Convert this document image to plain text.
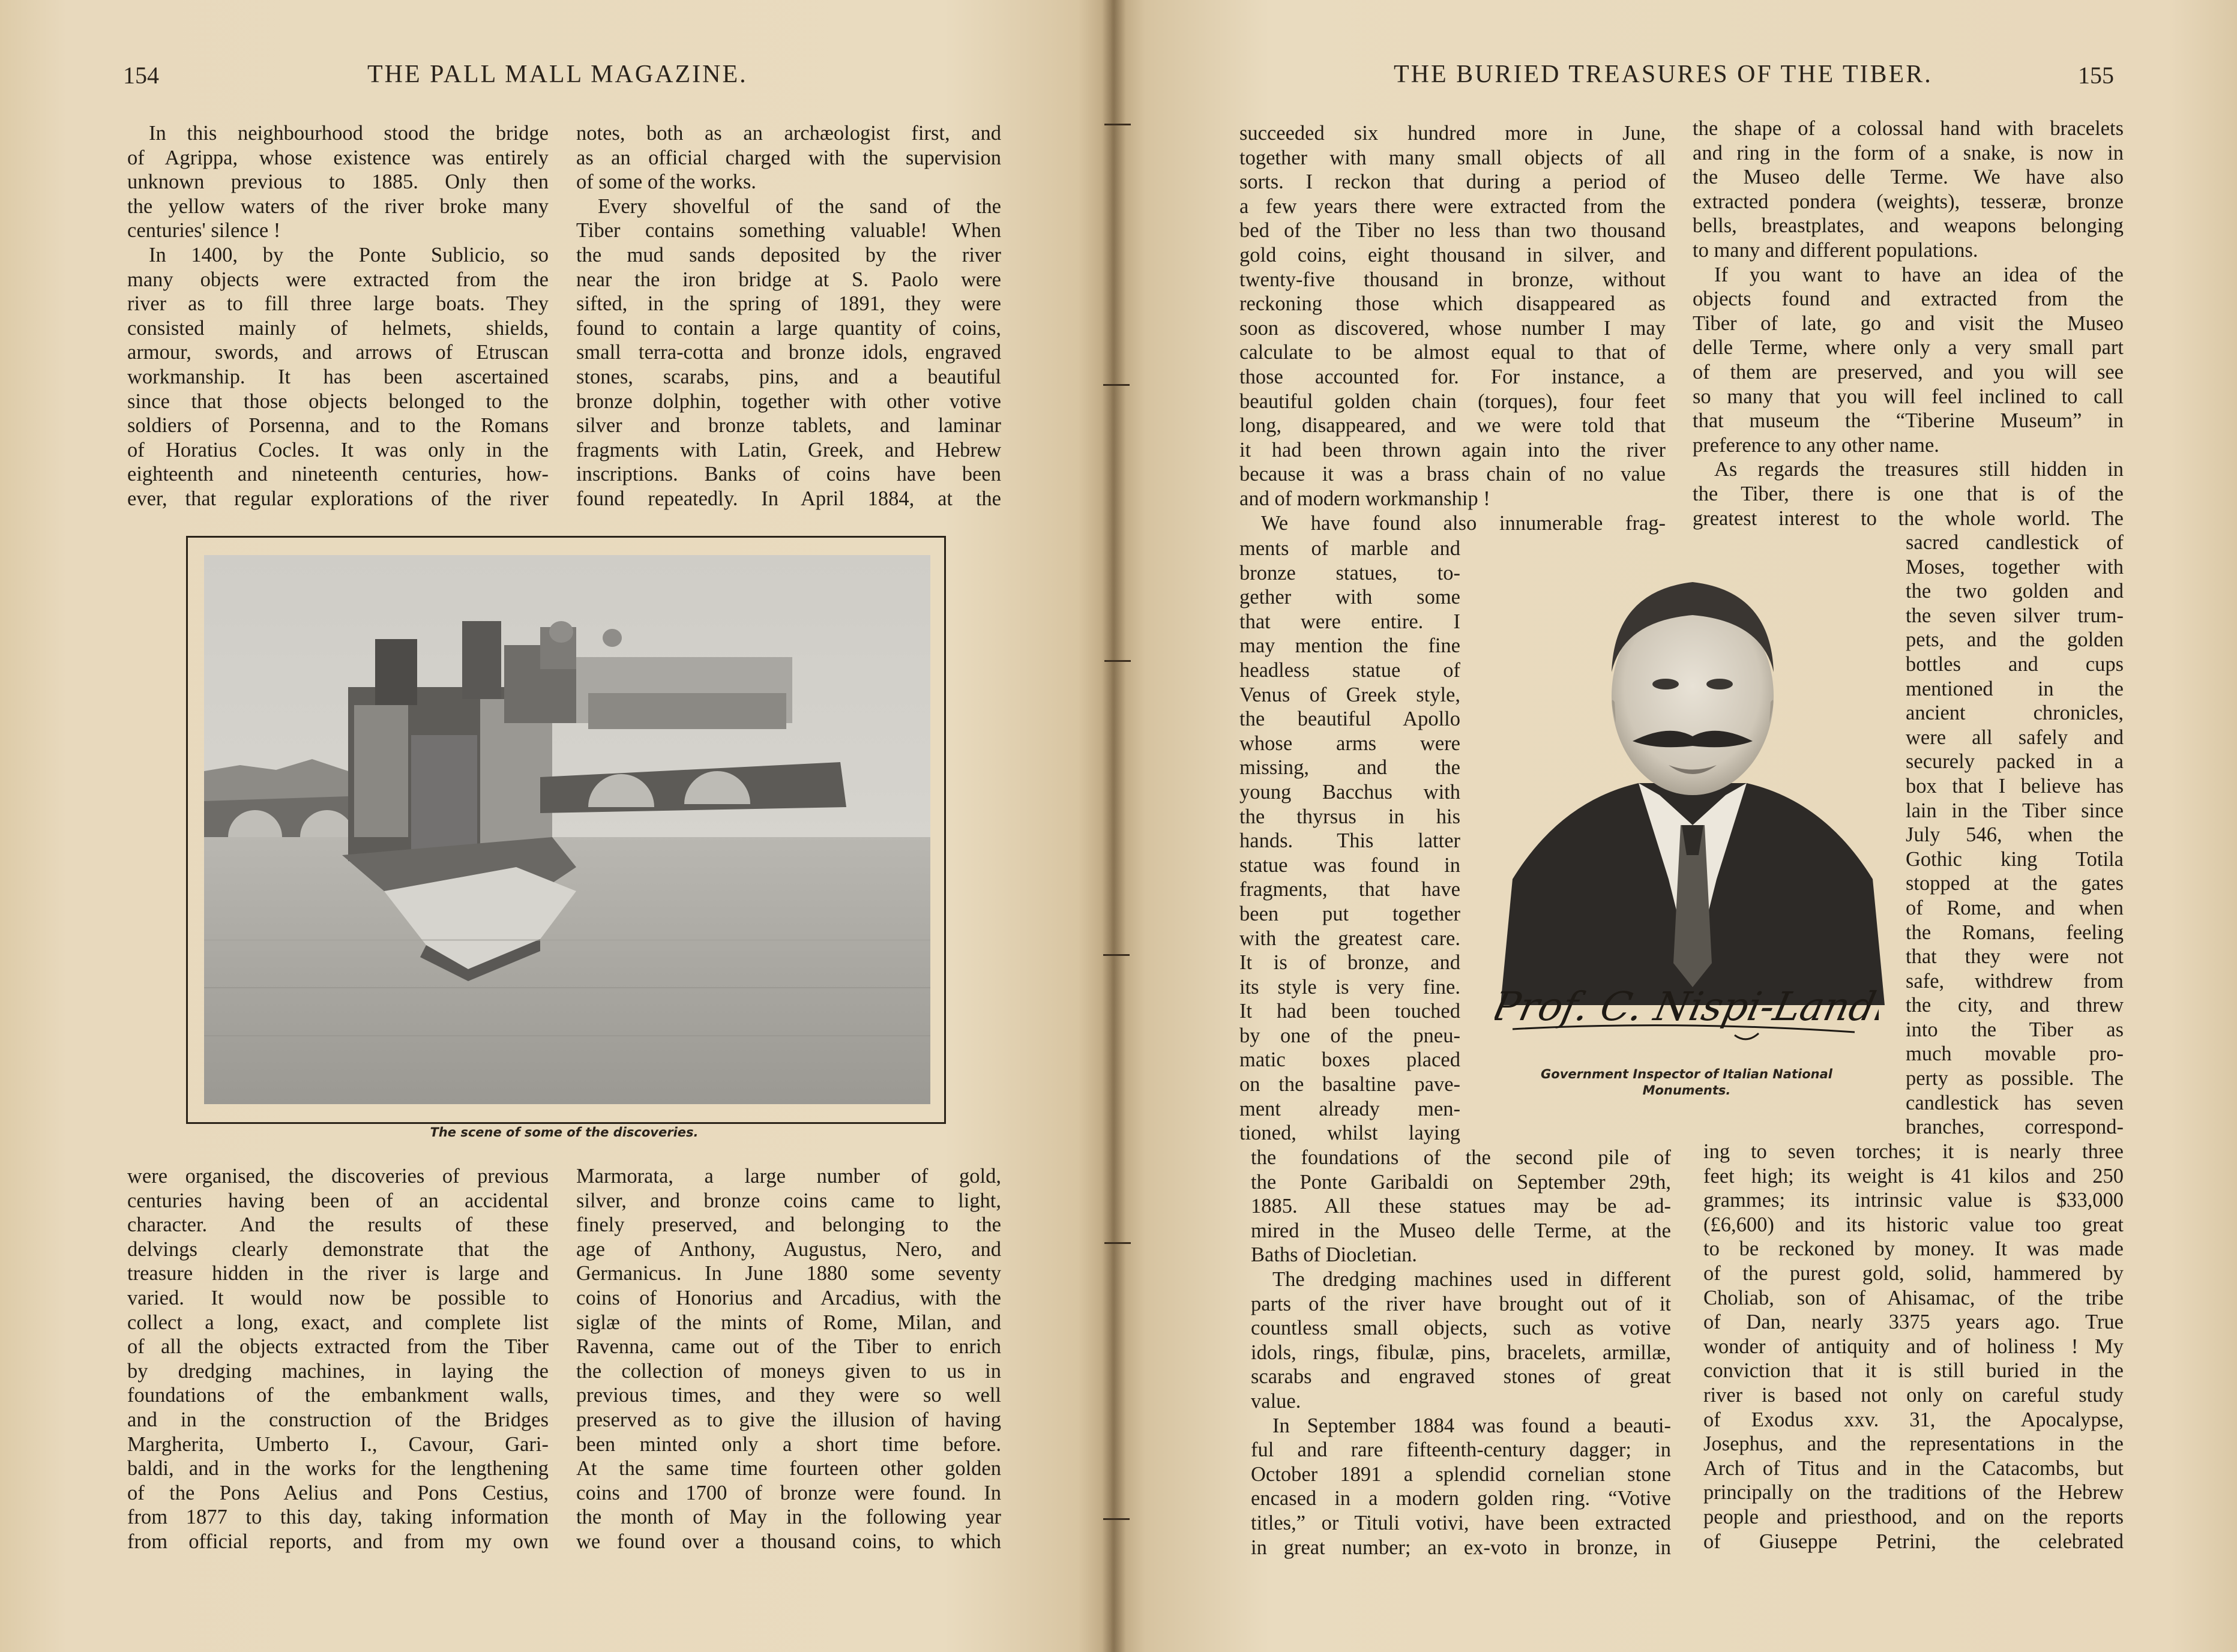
154	THE PALL MALL MAGAZINE.
In this neighbourhood stood the bridge
of Agrippa, whose existence was entirely
unknown previous to 1885. Only then
the yellow waters of the river broke many
centuries' silence !
In 1400, by the Ponte Sublicio, so
many objects were extracted from the
river as to fill three large boats. They
consisted mainly of helmets, shields,
armour, swords, and arrows of Etruscan
workmanship. It has been ascertained
since that those objects belonged to the
soldiers of Porsenna, and to the Romans
of Horatius Cocles. It was only in the
eighteenth and nineteenth centuries, how-
ever, that regular explorations of the river
notes, both as an archæologist first, and
as an official charged with the supervision
of some of the works.
Every shovelful of the sand of the
Tiber contains something valuable! When
the mud sands deposited by the river
near the iron bridge at S. Paolo were
sifted, in the spring of 1891, they were
found to contain a large quantity of coins,
small terra-cotta and bronze idols, engraved
stones, scarabs, pins, and a beautiful
bronze dolphin, together with other votive
silver and bronze tablets, and laminar
fragments with Latin, Greek, and Hebrew
inscriptions. Banks of coins have been
found repeatedly. In April 1884, at the
The scene of some of the discoveries.
were organised, the discoveries of previous
centuries having been of an accidental
character. And the results of these
delvings clearly demonstrate that the
treasure hidden in the river is large and
varied. It would now be possible to
collect a long, exact, and complete list
of all the objects extracted from the Tiber
by dredging machines, in laying the
foundations of the embankment walls,
and in the construction of the Bridges
Margherita, Umberto I., Cavour, Gari-
baldi, and in the works for the lengthening
of the Pons Aelius and Pons Cestius,
from 1877 to this day, taking information
from official reports, and from my own
Marmorata, a large number of gold,
silver, and bronze coins came to light,
finely preserved, and belonging to the
age of Anthony, Augustus, Nero, and
Germanicus. In June 1880 some seventy
coins of Honorius and Arcadius, with the
siglæ of the mints of Rome, Milan, and
Ravenna, came out of the Tiber to enrich
the collection of moneys given to us in
previous times, and they were so well
preserved as to give the illusion of having
been minted only a short time before.
At the same time fourteen other golden
coins and 1700 of bronze were found. In
the month of May in the following year
we found over a thousand coins, to which
THE BURIED TREASURES OF THE TIBER.	155
succeeded six hundred more in June,
together with many small objects of all
sorts. I reckon that during a period of
a few years there were extracted from the
bed of the Tiber no less than two thousand
gold coins, eight thousand in silver, and
twenty-five thousand in bronze, without
reckoning those which disappeared as
soon as discovered, whose number I may
calculate to be almost equal to that of
those accounted for. For instance, a
beautiful golden chain (torques), four feet
long, disappeared, and we were told that
it had been thrown again into the river
because it was a brass chain of no value
and of modern workmanship !
We have found also innumerable frag-
ments of marble and
bronze statues, to-
gether with some
that were entire. I
may mention the fine
headless statue of
Venus of Greek style,
the beautiful Apollo
whose arms were
missing, and the
young Bacchus with
the thyrsus in his
hands. This latter
statue was found in
fragments, that have
been put together
with the greatest care.
It is of bronze, and
its style is very fine.
It had been touched
by one of the pneu-
matic boxes placed
on the basaltine pave-
ment already men-
tioned, whilst laying
the foundations of the second pile of
the Ponte Garibaldi on September 29th,
1885. All these statues may be ad-
mired in the Museo delle Terme, at the
Baths of Diocletian.
The dredging machines used in different
parts of the river have brought out of it
countless small objects, such as votive
idols, rings, fibulæ, pins, bracelets, armillæ,
scarabs and engraved stones of great
value.
In September 1884 was found a beauti-
ful and rare fifteenth-century dagger; in
October 1891 a splendid cornelian stone
encased in a modern golden ring. “Votive
titles,” or Tituli votivi, have been extracted
in great number; an ex-voto in bronze, in
the shape of a colossal hand with bracelets
and ring in the form of a snake, is now in
the Museo delle Terme. We have also
extracted pondera (weights), tesseræ, bronze
bells, breastplates, and weapons belonging
to many and different populations.
If you want to have an idea of the
objects found and extracted from the
Tiber of late, go and visit the Museo
delle Terme, where only a very small part
of them are preserved, and you will see
so many that you will feel inclined to call
that museum the “Tiberine Museum” in
preference to any other name.
As regards the treasures still hidden in
the Tiber, there is one that is of the
greatest interest to the whole world. The
sacred candlestick of
Moses, together with
the two golden and
the seven silver trum-
pets, and the golden
bottles and cups
mentioned in the
ancient chronicles,
were all safely and
securely packed in a
box that I believe has
lain in the Tiber since
July 546, when the
Gothic king Totila
stopped at the gates
of Rome, and when
the Romans, feeling
that they were not
safe, withdrew from
the city, and threw
into the Tiber as
much movable pro-
perty as possible. The
candlestick has seven
branches, correspond-
ing to seven torches; it is nearly three
feet high; its weight is 41 kilos and 250
grammes; its intrinsic value is $33,000
(£6,600) and its historic value too great
to be reckoned by money. It was made
of the purest gold, solid, hammered by
Choliab, son of Ahisamac, of the tribe
of Dan, nearly 3375 years ago. True
wonder of antiquity and of holiness ! My
conviction that it is still buried in the
river is based not only on careful study
of Exodus xxv. 31, the Apocalypse,
Josephus, and the representations in the
Arch of Titus and in the Catacombs, but
principally on the traditions of the Hebrew
people and priesthood, and on the reports
of Giuseppe Petrini, the celebrated
Prof. C. Nispi-Landi
Government Inspector of Italian National
Monuments.
